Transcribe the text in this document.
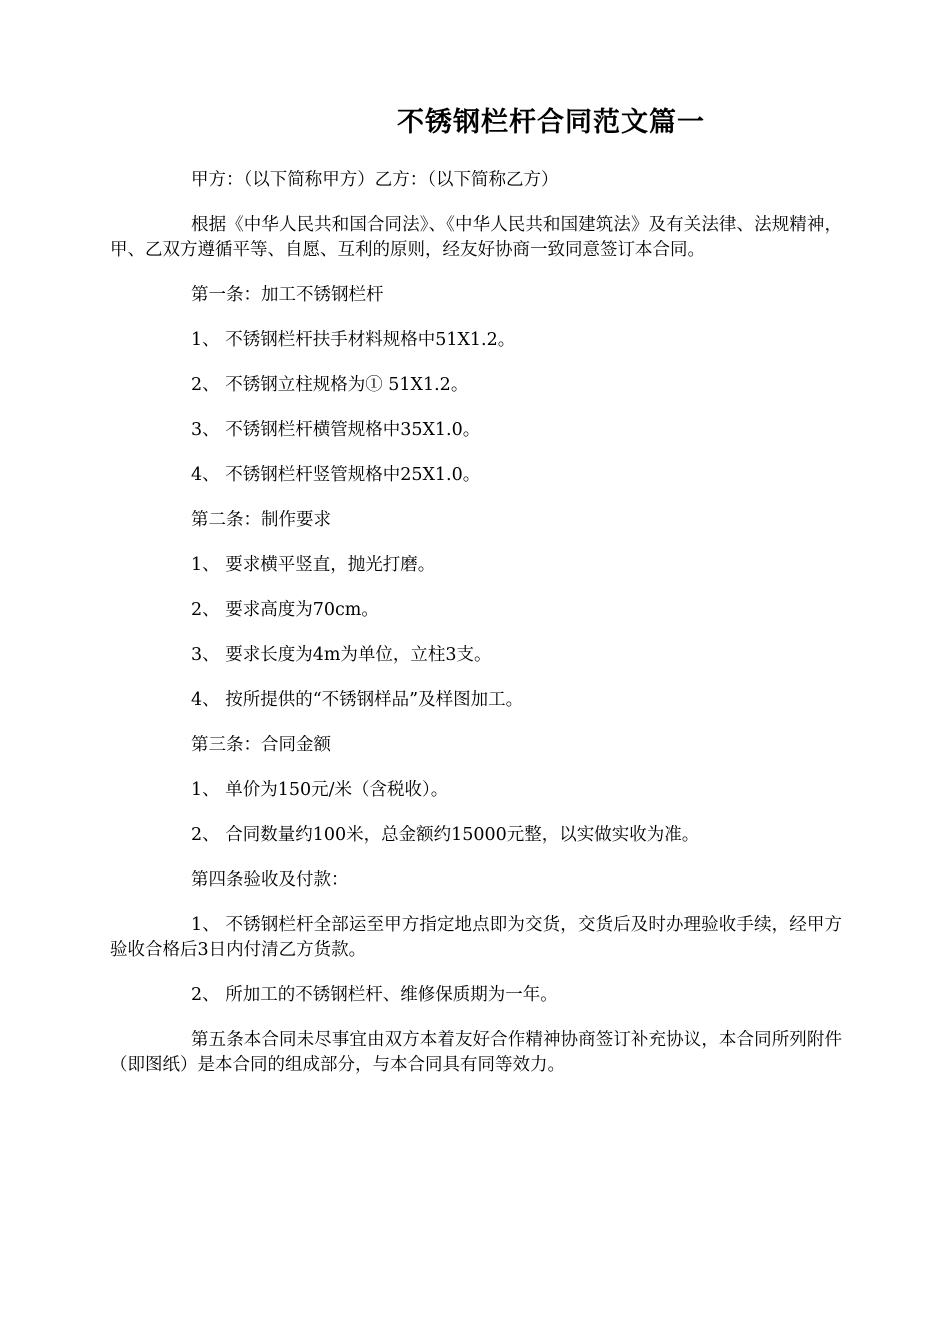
不锈钢栏杆合同范文篇一

甲方：（以下简称甲方）乙方：（以下简称乙方）

根据《中华人民共和国合同法》、《中华人民共和国建筑法》及有关法律、法规精神，甲、乙双方遵循平等、自愿、互利的原则，经友好协商一致同意签订本合同。

第一条：加工不锈钢栏杆

1、 不锈钢栏杆扶手材料规格中51X1.2。

2、 不锈钢立柱规格为① 51X1.2。

3、 不锈钢栏杆横管规格中35X1.0。

4、 不锈钢栏杆竖管规格中25X1.0。

第二条：制作要求

1、 要求横平竖直，抛光打磨。

2、 要求高度为70cm。

3、 要求长度为4m为单位，立柱3支。

4、 按所提供的“不锈钢样品”及样图加工。

第三条：合同金额

1、 单价为150元/米（含税收）。

2、 合同数量约100米，总金额约15000元整，以实做实收为准。

第四条验收及付款：

1、 不锈钢栏杆全部运至甲方指定地点即为交货，交货后及时办理验收手续，经甲方验收合格后3日内付清乙方货款。

2、 所加工的不锈钢栏杆、维修保质期为一年。

第五条本合同未尽事宜由双方本着友好合作精神协商签订补充协议，本合同所列附件（即图纸）是本合同的组成部分，与本合同具有同等效力。
